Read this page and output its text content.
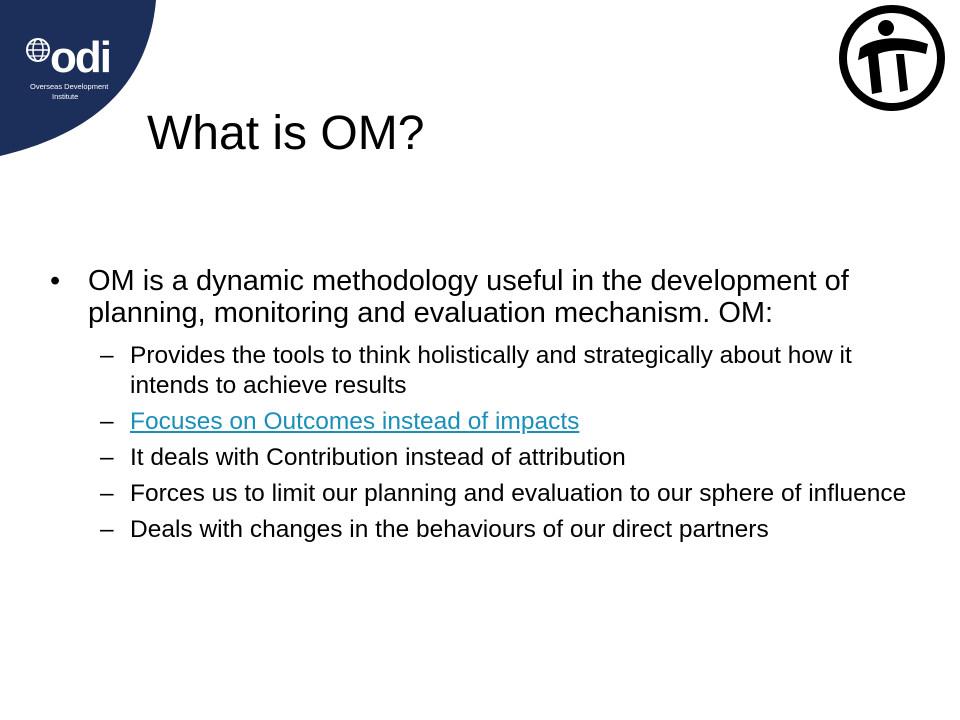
odi
Overseas Development
Institute
What is OM?
• OM is a dynamic methodology useful in the development of planning, monitoring and evaluation mechanism. OM:
– Provides the tools to think holistically and strategically about how it intends to achieve results
– Focuses on Outcomes instead of impacts
– It deals with Contribution instead of attribution
– Forces us to limit our planning and evaluation to our sphere of influence
– Deals with changes in the behaviours of our direct partners
